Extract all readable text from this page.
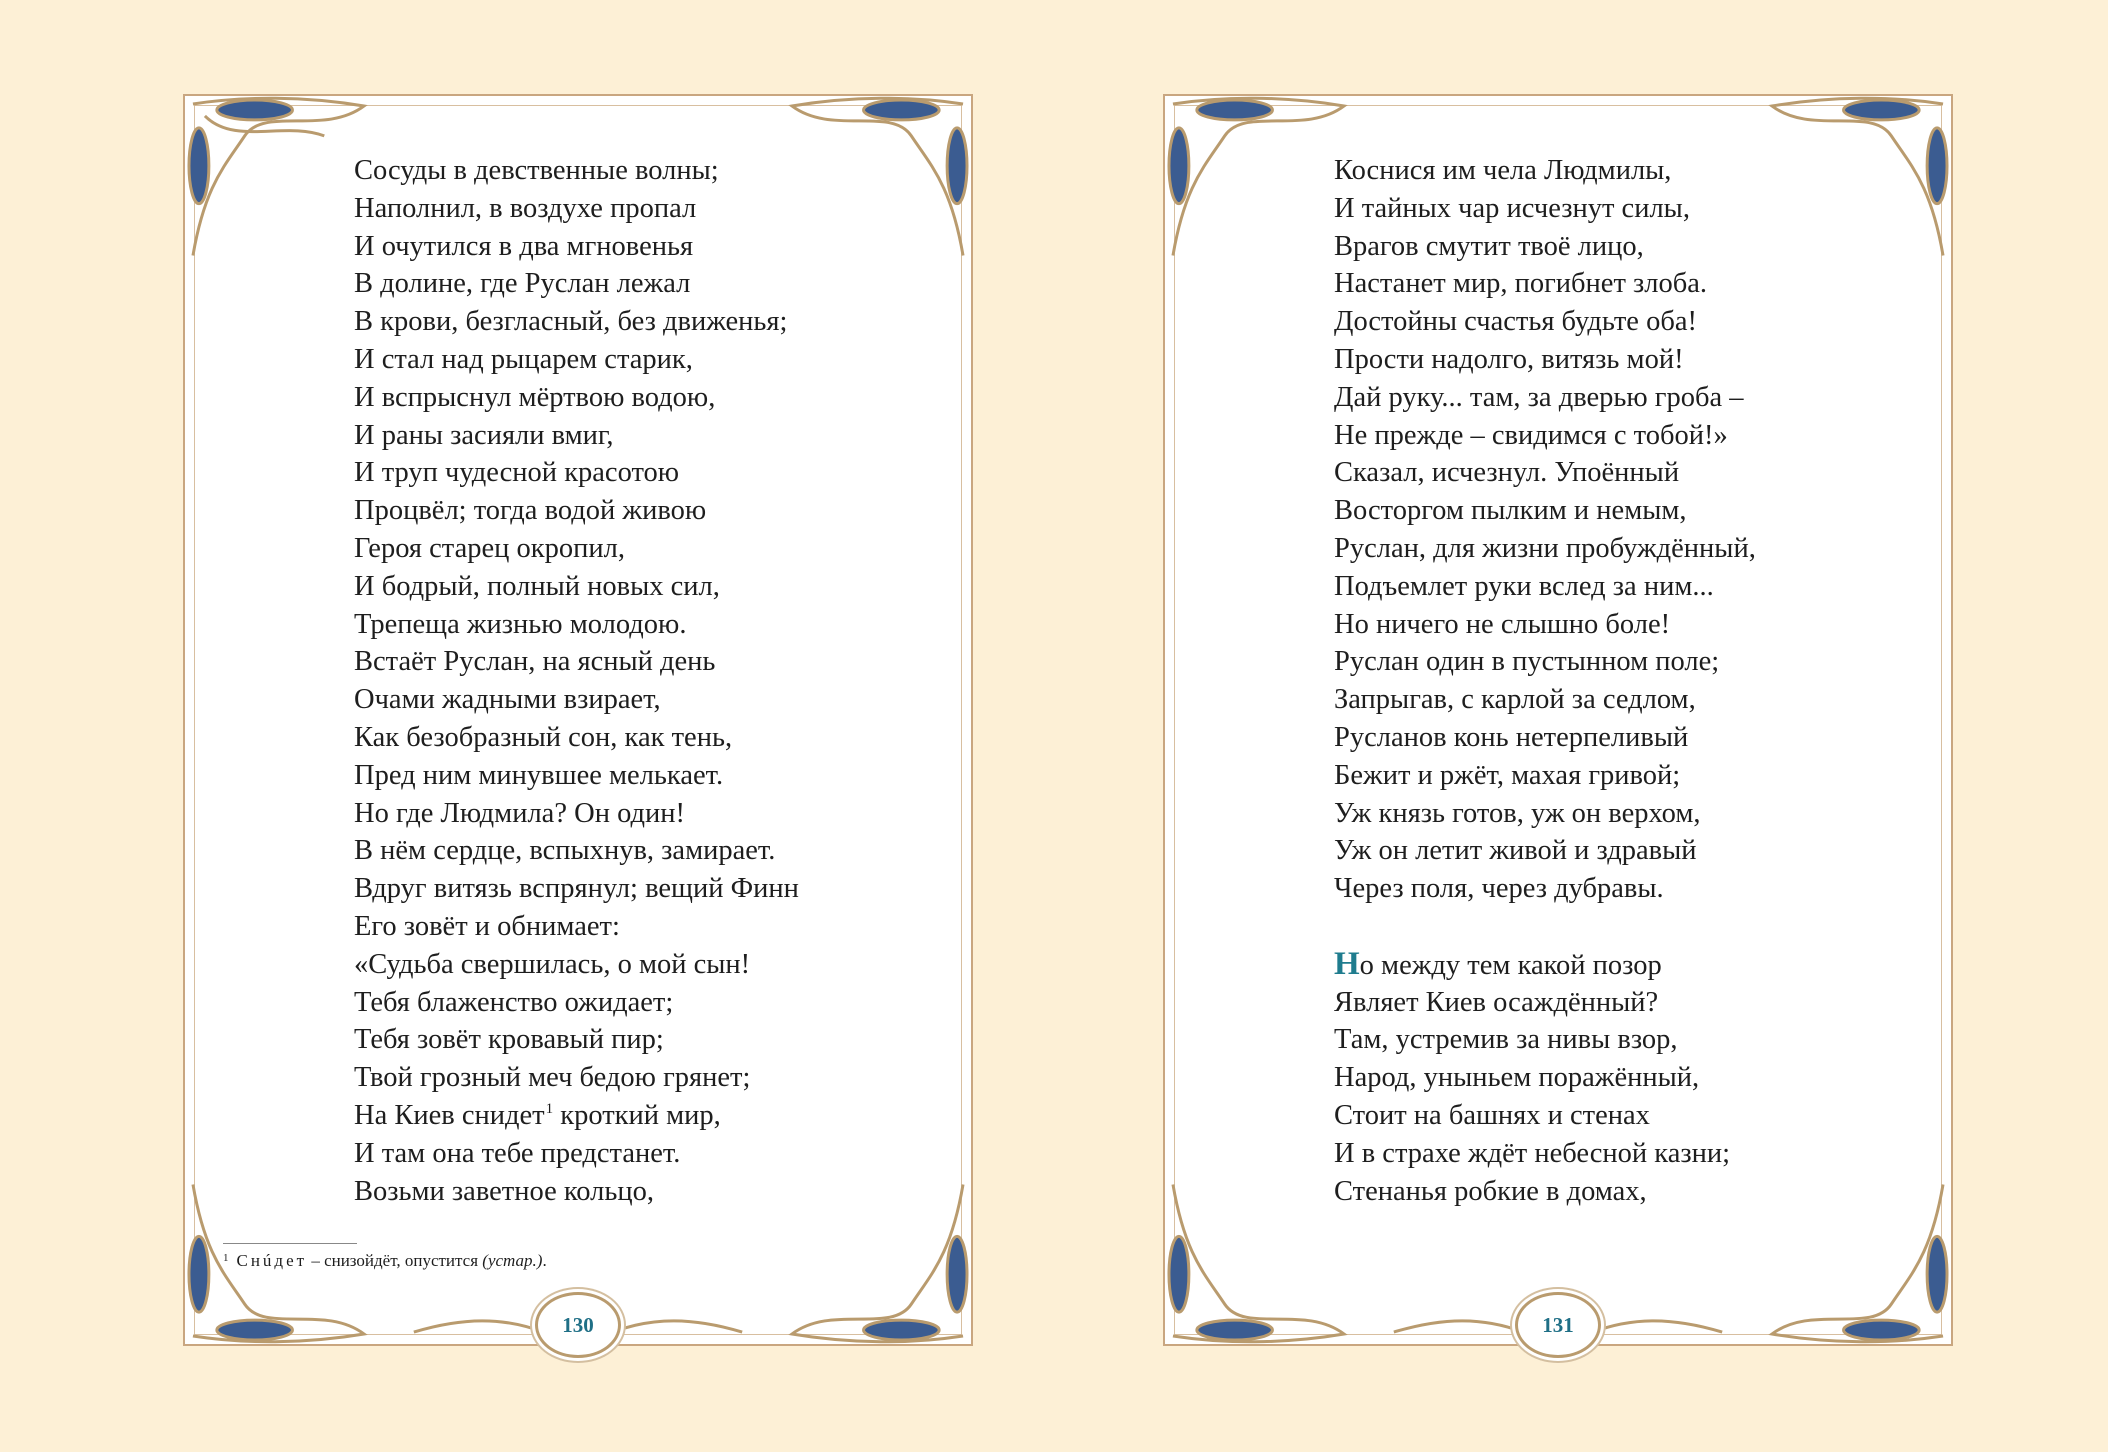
Сосуды в девственные волны;
Наполнил, в воздухе пропал
И очутился в два мгновенья
В долине, где Руслан лежал
В крови, безгласный, без движенья;
И стал над рыцарем старик,
И вспрыснул мёртвою водою,
И раны засияли вмиг,
И труп чудесной красотою
Процвёл; тогда водой живою
Героя старец окропил,
И бодрый, полный новых сил,
Трепеща жизнью молодою.
Встаёт Руслан, на ясный день
Очами жадными взирает,
Как безобразный сон, как тень,
Пред ним минувшее мелькает.
Но где Людмила? Он один!
В нём сердце, вспыхнув, замирает.
Вдруг витязь вспрянул; вещий Финн
Его зовёт и обнимает:
«Судьба свершилась, о мой сын!
Тебя блаженство ожидает;
Тебя зовёт кровавый пир;
Твой грозный меч бедою грянет;
На Киев снидет$^1$ кроткий мир,
И там она тебе предстанет.
Возьми заветное кольцо,
$^1$ Снúдет – снизойдёт, опустится (устар.).
130
Коснися им чела Людмилы,
И тайных чар исчезнут силы,
Врагов смутит твоё лицо,
Настанет мир, погибнет злоба.
Достойны счастья будьте оба!
Прости надолго, витязь мой!
Дай руку... там, за дверью гроба –
Не прежде – свидимся с тобой!»
Сказал, исчезнул. Упоённый
Восторгом пылким и немым,
Руслан, для жизни пробуждённый,
Подъемлет руки вслед за ним...
Но ничего не слышно боле!
Руслан один в пустынном поле;
Запрыгав, с карлой за седлом,
Русланов конь нетерпеливый
Бежит и ржёт, махая гривой;
Уж князь готов, уж он верхом,
Уж он летит живой и здравый
Через поля, через дубравы.
Но между тем какой позор
Являет Киев осаждённый?
Там, устремив за нивы взор,
Народ, уныньем поражённый,
Стоит на башнях и стенах
И в страхе ждёт небесной казни;
Стенанья робкие в домах,
131
